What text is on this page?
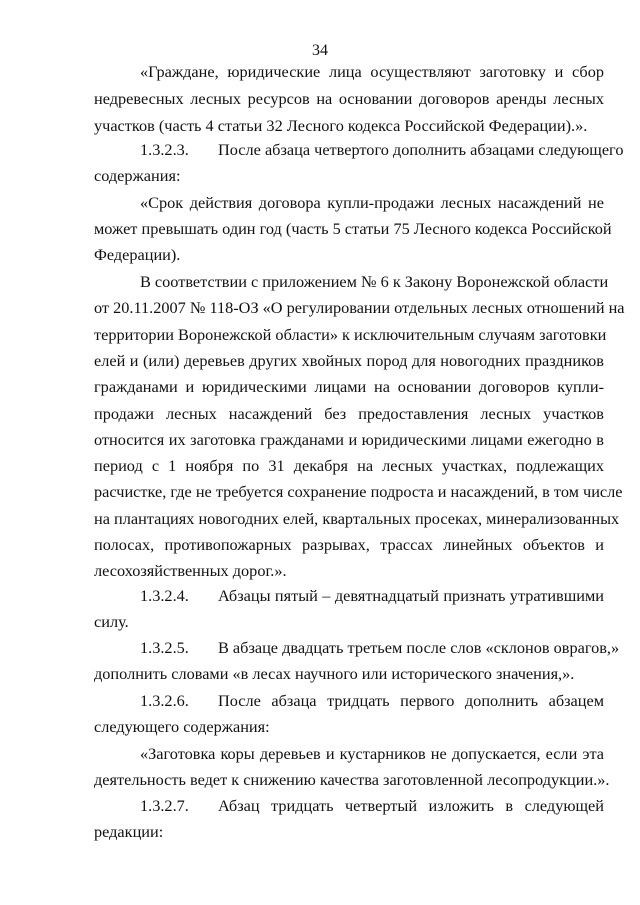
34
«Граждане, юридические лица осуществляют заготовку и сбор
недревесных лесных ресурсов на основании договоров аренды лесных
участков (часть 4 статьи 32 Лесного кодекса Российской Федерации).».
1.3.2.3.	После абзаца четвертого дополнить абзацами следующего
содержания:
«Срок действия договора купли-продажи лесных насаждений не
может превышать один год (часть 5 статьи 75 Лесного кодекса Российской
Федерации).
В соответствии с приложением № 6 к Закону Воронежской области
от 20.11.2007 № 118-ОЗ «О регулировании отдельных лесных отношений на
территории Воронежской области» к исключительным случаям заготовки
елей и (или) деревьев других хвойных пород для новогодних праздников
гражданами и юридическими лицами на основании договоров купли-
продажи лесных насаждений без предоставления лесных участков
относится их заготовка гражданами и юридическими лицами ежегодно в
период с 1 ноября по 31 декабря на лесных участках, подлежащих
расчистке, где не требуется сохранение подроста и насаждений, в том числе
на плантациях новогодних елей, квартальных просеках, минерализованных
полосах, противопожарных разрывах, трассах линейных объектов и
лесохозяйственных дорог.».
1.3.2.4.	Абзацы пятый – девятнадцатый признать утратившими
силу.
1.3.2.5.	В абзаце двадцать третьем после слов «склонов оврагов,»
дополнить словами «в лесах научного или исторического значения,».
1.3.2.6.	После абзаца тридцать первого дополнить абзацем
следующего содержания:
«Заготовка коры деревьев и кустарников не допускается, если эта
деятельность ведет к снижению качества заготовленной лесопродукции.».
1.3.2.7.	Абзац тридцать четвертый изложить в следующей
редакции:
